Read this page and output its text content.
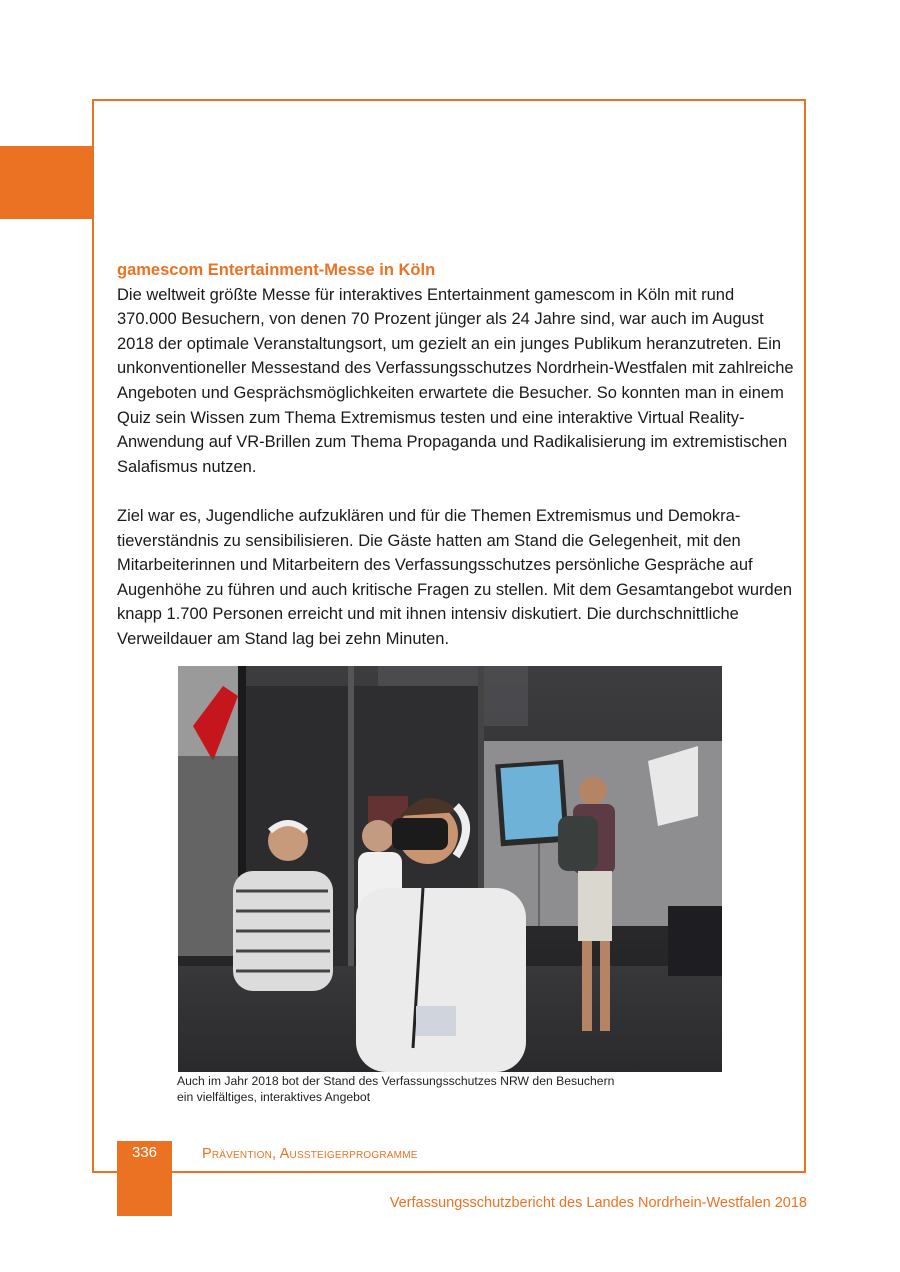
gamescom Entertainment-Messe in Köln

Die weltweit größte Messe für interaktives Entertainment gamescom in Köln mit rund 370.000 Besuchern, von denen 70 Prozent jünger als 24 Jahre sind, war auch im August 2018 der optimale Veranstaltungsort, um gezielt an ein junges Publikum heranzutreten. Ein unkonventioneller Messestand des Verfassungsschutzes Nordrhein-Westfalen mit zahlreiche Angeboten und Gesprächsmöglichkeiten erwartete die Besucher. So konnten man in einem Quiz sein Wissen zum Thema Extremismus testen und eine interaktive Virtual Reality-Anwendung auf VR-Brillen zum Thema Propaganda und Radikalisierung im extremistischen Salafismus nutzen.

Ziel war es, Jugendliche aufzuklären und für die Themen Extremismus und Demokratieverständnis zu sensibilisieren. Die Gäste hatten am Stand die Gelegenheit, mit den Mitarbeiterinnen und Mitarbeitern des Verfassungsschutzes persönliche Gespräche auf Augenhöhe zu führen und auch kritische Fragen zu stellen. Mit dem Gesamtangebot wurden knapp 1.700 Personen erreicht und mit ihnen intensiv diskutiert. Die durchschnittliche Verweildauer am Stand lag bei zehn Minuten.

Auch im Jahr 2018 bot der Stand des Verfassungsschutzes NRW den Besuchern
ein vielfältiges, interaktives Angebot
336	Prävention, Aussteigerprogramme
Verfassungsschutzbericht des Landes Nordrhein-Westfalen 2018
